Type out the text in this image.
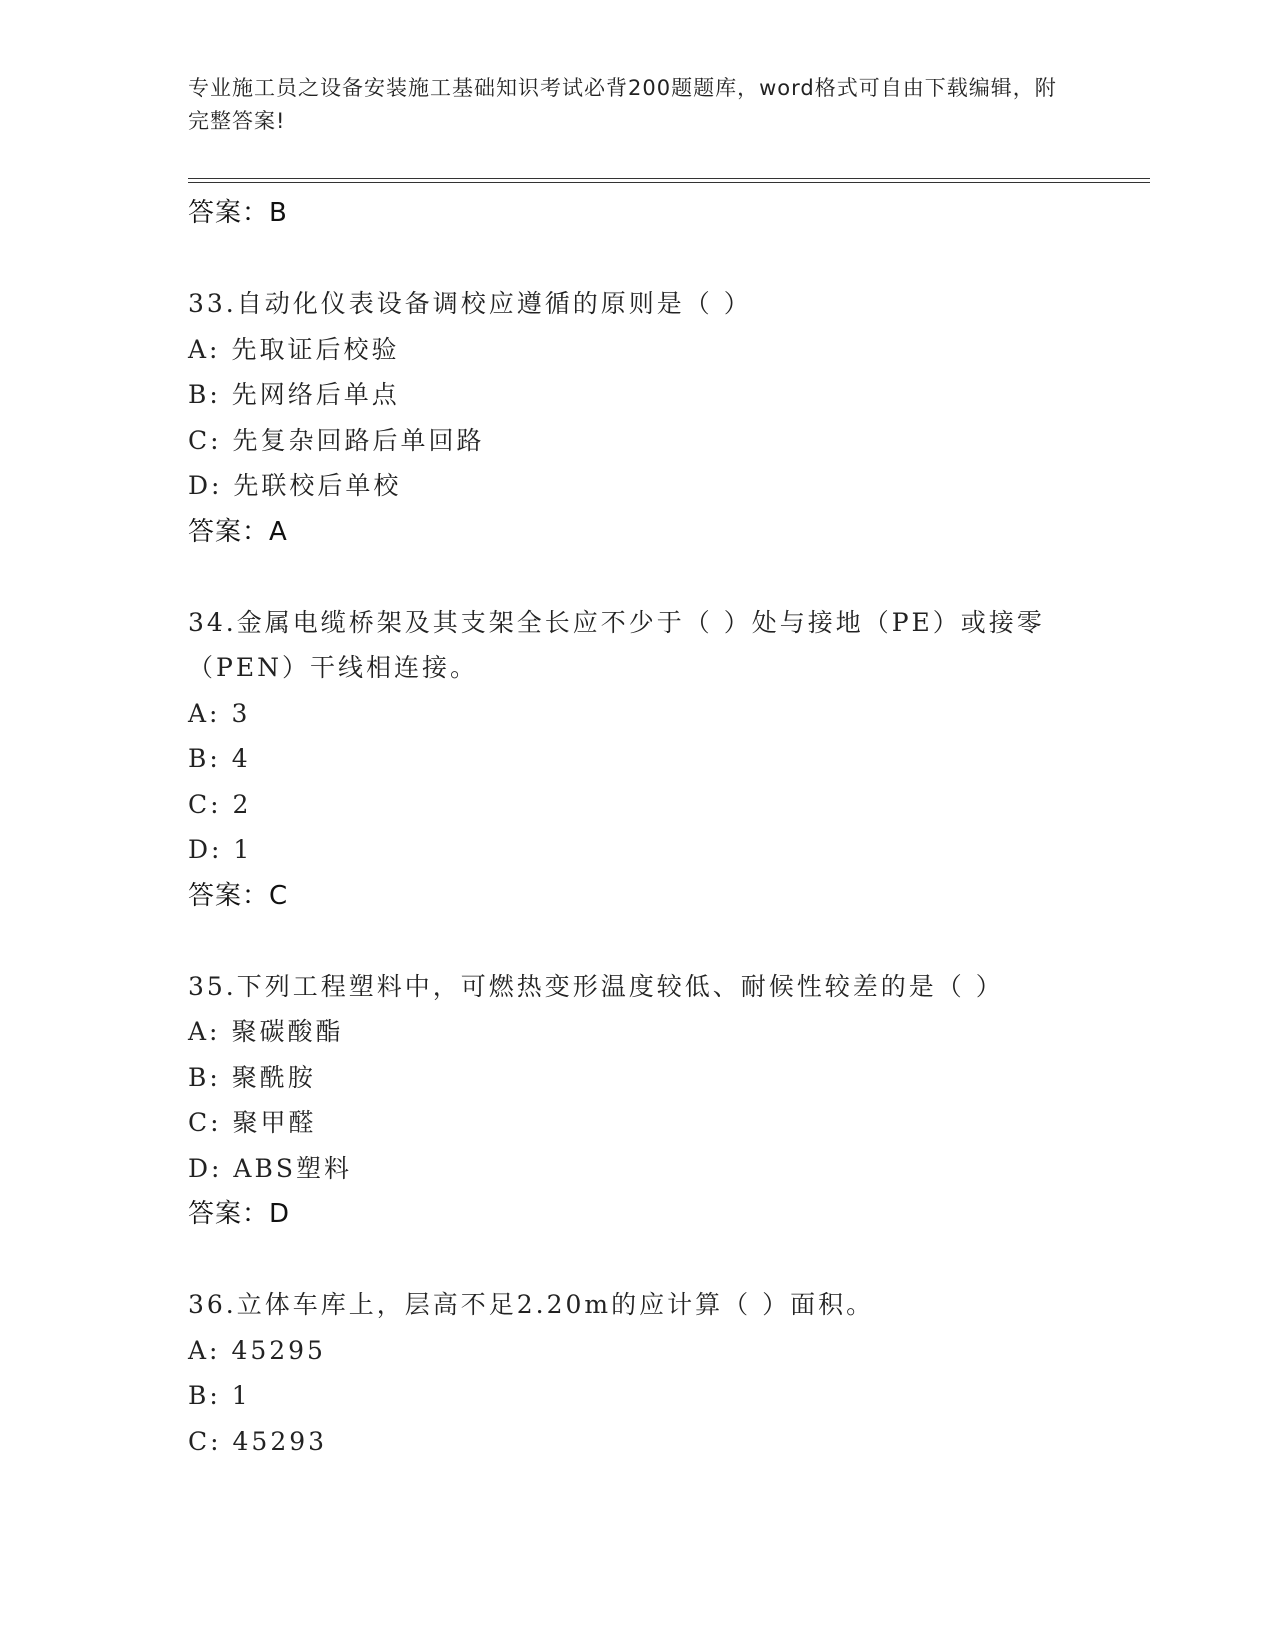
专业施工员之设备安装施工基础知识考试必背200题题库，word格式可自由下载编辑，附完整答案!
答案：B
33.自动化仪表设备调校应遵循的原则是（ ）
A: 先取证后校验
B: 先网络后单点
C: 先复杂回路后单回路
D: 先联校后单校
答案：A
34.金属电缆桥架及其支架全长应不少于（ ）处与接地（PE）或接零（PEN）干线相连接。
A: 3
B: 4
C: 2
D: 1
答案：C
35.下列工程塑料中，可燃热变形温度较低、耐候性较差的是（ ）
A: 聚碳酸酯
B: 聚酰胺
C: 聚甲醛
D: ABS塑料
答案：D
36.立体车库上，层高不足2.20m的应计算（ ）面积。
A: 45295
B: 1
C: 45293
